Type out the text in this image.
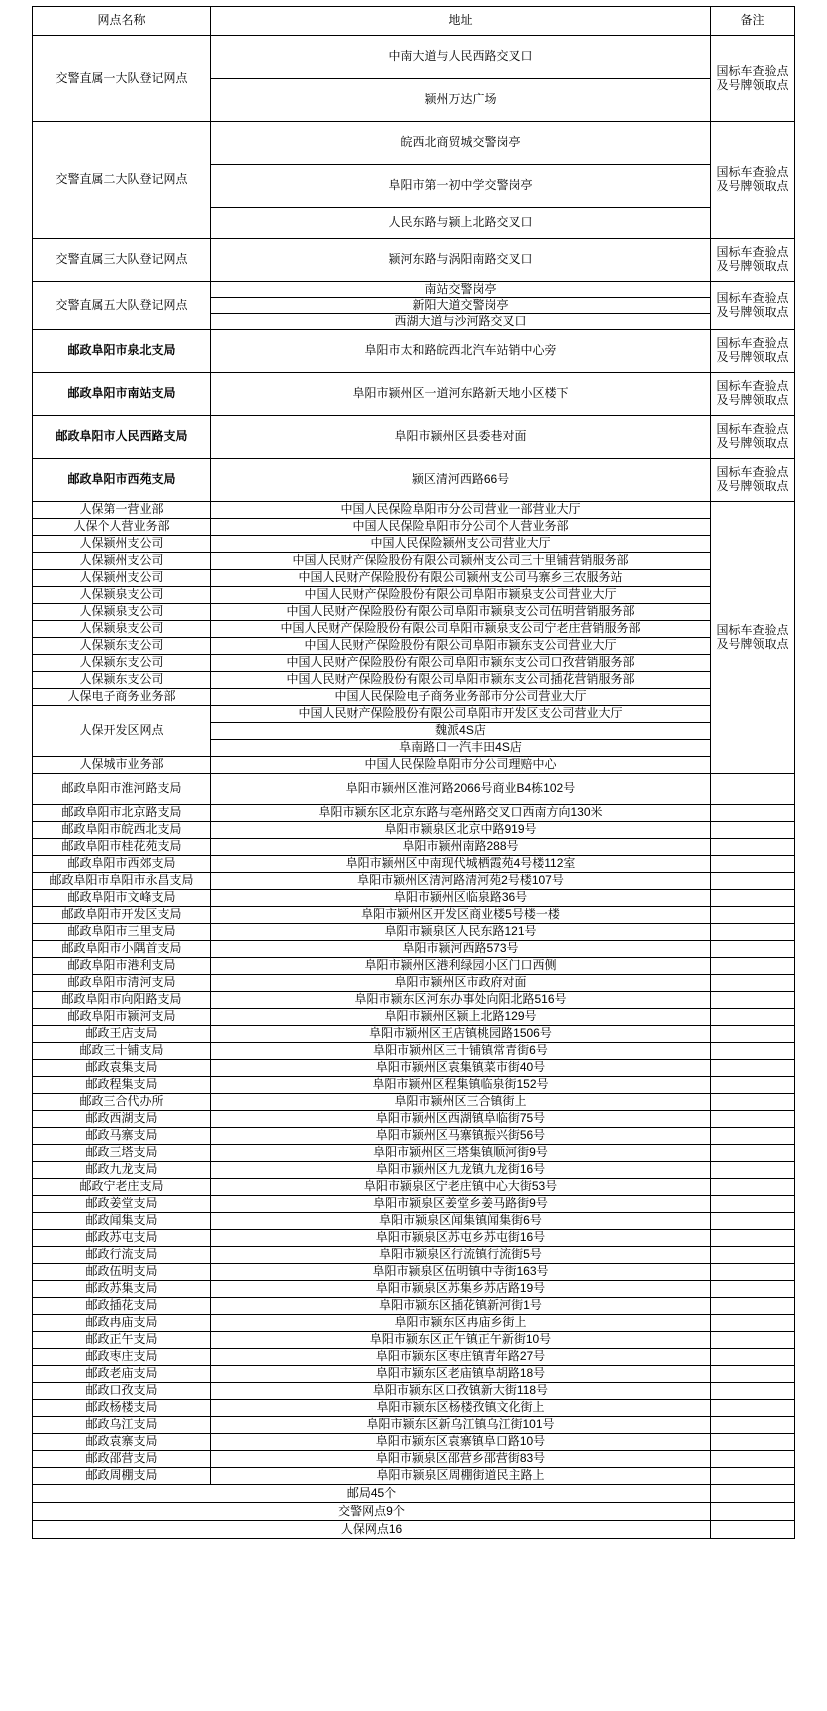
网点名称	地址	备注
交警直属一大队登记网点	中南大道与人民西路交叉口	国标车查验点及号牌领取点
	颍州万达广场	
交警直属二大队登记网点	皖西北商贸城交警岗亭	国标车查验点及号牌领取点
	阜阳市第一初中学交警岗亭	
	人民东路与颍上北路交叉口	
交警直属三大队登记网点	颍河东路与涡阳南路交叉口	国标车查验点及号牌领取点
交警直属五大队登记网点	南站交警岗亭	国标车查验点及号牌领取点
	新阳大道交警岗亭	
	西湖大道与沙河路交叉口	
邮政阜阳市泉北支局	阜阳市太和路皖西北汽车站销中心旁	国标车查验点及号牌领取点
邮政阜阳市南站支局	阜阳市颍州区一道河东路新天地小区楼下	国标车查验点及号牌领取点
邮政阜阳市人民西路支局	阜阳市颍州区县委巷对面	国标车查验点及号牌领取点
邮政阜阳市西苑支局	颍区清河西路66号	国标车查验点及号牌领取点
人保第一营业部	中国人民保险阜阳市分公司营业一部营业大厅	国标车查验点及号牌领取点
人保个人营业务部	中国人民保险阜阳市分公司个人营业务部	
人保颍州支公司	中国人民保险颍州支公司营业大厅	
人保颍州支公司	中国人民财产保险股份有限公司颍州支公司三十里铺营销服务部	
人保颍州支公司	中国人民财产保险股份有限公司颍州支公司马寨乡三农服务站	
人保颍泉支公司	中国人民财产保险股份有限公司阜阳市颍泉支公司营业大厅	
人保颍泉支公司	中国人民财产保险股份有限公司阜阳市颍泉支公司伍明营销服务部	
人保颍泉支公司	中国人民财产保险股份有限公司阜阳市颍泉支公司宁老庄营销服务部	
人保颍东支公司	中国人民财产保险股份有限公司阜阳市颍东支公司营业大厅	
人保颍东支公司	中国人民财产保险股份有限公司阜阳市颍东支公司口孜营销服务部	
人保颍东支公司	中国人民财产保险股份有限公司阜阳市颍东支公司插花营销服务部	
人保电子商务业务部	中国人民保险电子商务业务部市分公司营业大厅	
人保开发区网点	中国人民财产保险股份有限公司阜阳市开发区支公司营业大厅	
	魏派4S店	
	阜南路口一汽丰田4S店	
人保城市业务部	中国人民保险阜阳市分公司理赔中心	
邮政阜阳市淮河路支局	阜阳市颍州区淮河路2066号商业B4栋102号	
邮政阜阳市北京路支局	阜阳市颍东区北京东路与亳州路交叉口西南方向130米	
邮政阜阳市皖西北支局	阜阳市颍泉区北京中路919号	
邮政阜阳市桂花苑支局	阜阳市颍州南路288号	
邮政阜阳市西郊支局	阜阳市颍州区中南现代城栖霞苑4号楼112室	
邮政阜阳市阜阳市永昌支局	阜阳市颍州区清河路清河苑2号楼107号	
邮政阜阳市文峰支局	阜阳市颍州区临泉路36号	
邮政阜阳市开发区支局	阜阳市颍州区开发区商业楼5号楼一楼	
邮政阜阳市三里支局	阜阳市颍泉区人民东路121号	
邮政阜阳市小隅首支局	阜阳市颍河西路573号	
邮政阜阳市港利支局	阜阳市颍州区港利绿园小区门口西侧	
邮政阜阳市清河支局	阜阳市颍州区市政府对面	
邮政阜阳市向阳路支局	阜阳市颍东区河东办事处向阳北路516号	
邮政阜阳市颍河支局	阜阳市颍州区颍上北路129号	
邮政王店支局	阜阳市颍州区王店镇桃园路1506号	
邮政三十铺支局	阜阳市颍州区三十铺镇常青街6号	
邮政袁集支局	阜阳市颍州区袁集镇菜市街40号	
邮政程集支局	阜阳市颍州区程集镇临泉街152号	
邮政三合代办所	阜阳市颍州区三合镇街上	
邮政西湖支局	阜阳市颍州区西湖镇阜临街75号	
邮政马寨支局	阜阳市颍州区马寨镇振兴街56号	
邮政三塔支局	阜阳市颍州区三塔集镇顺河街9号	
邮政九龙支局	阜阳市颍州区九龙镇九龙街16号	
邮政宁老庄支局	阜阳市颍泉区宁老庄镇中心大街53号	
邮政姜堂支局	阜阳市颍泉区姜堂乡姜马路街9号	
邮政闻集支局	阜阳市颍泉区闻集镇闻集街6号	
邮政苏屯支局	阜阳市颍泉区苏屯乡苏屯街16号	
邮政行流支局	阜阳市颍泉区行流镇行流街5号	
邮政伍明支局	阜阳市颍泉区伍明镇中寺街163号	
邮政苏集支局	阜阳市颍泉区苏集乡苏店路19号	
邮政插花支局	阜阳市颍东区插花镇新河街1号	
邮政冉庙支局	阜阳市颍东区冉庙乡街上	
邮政正午支局	阜阳市颍东区正午镇正午新街10号	
邮政枣庄支局	阜阳市颍东区枣庄镇青年路27号	
邮政老庙支局	阜阳市颍东区老庙镇阜胡路18号	
邮政口孜支局	阜阳市颍东区口孜镇新大街118号	
邮政杨楼支局	阜阳市颍东区杨楼孜镇文化街上	
邮政乌江支局	阜阳市颍东区新乌江镇乌江街101号	
邮政袁寨支局	阜阳市颍东区袁寨镇阜口路10号	
邮政邵营支局	阜阳市颍泉区邵营乡邵营街83号	
邮政周棚支局	阜阳市颍泉区周棚街道民主路上	
邮局45个		
交警网点9个		
人保网点16		
